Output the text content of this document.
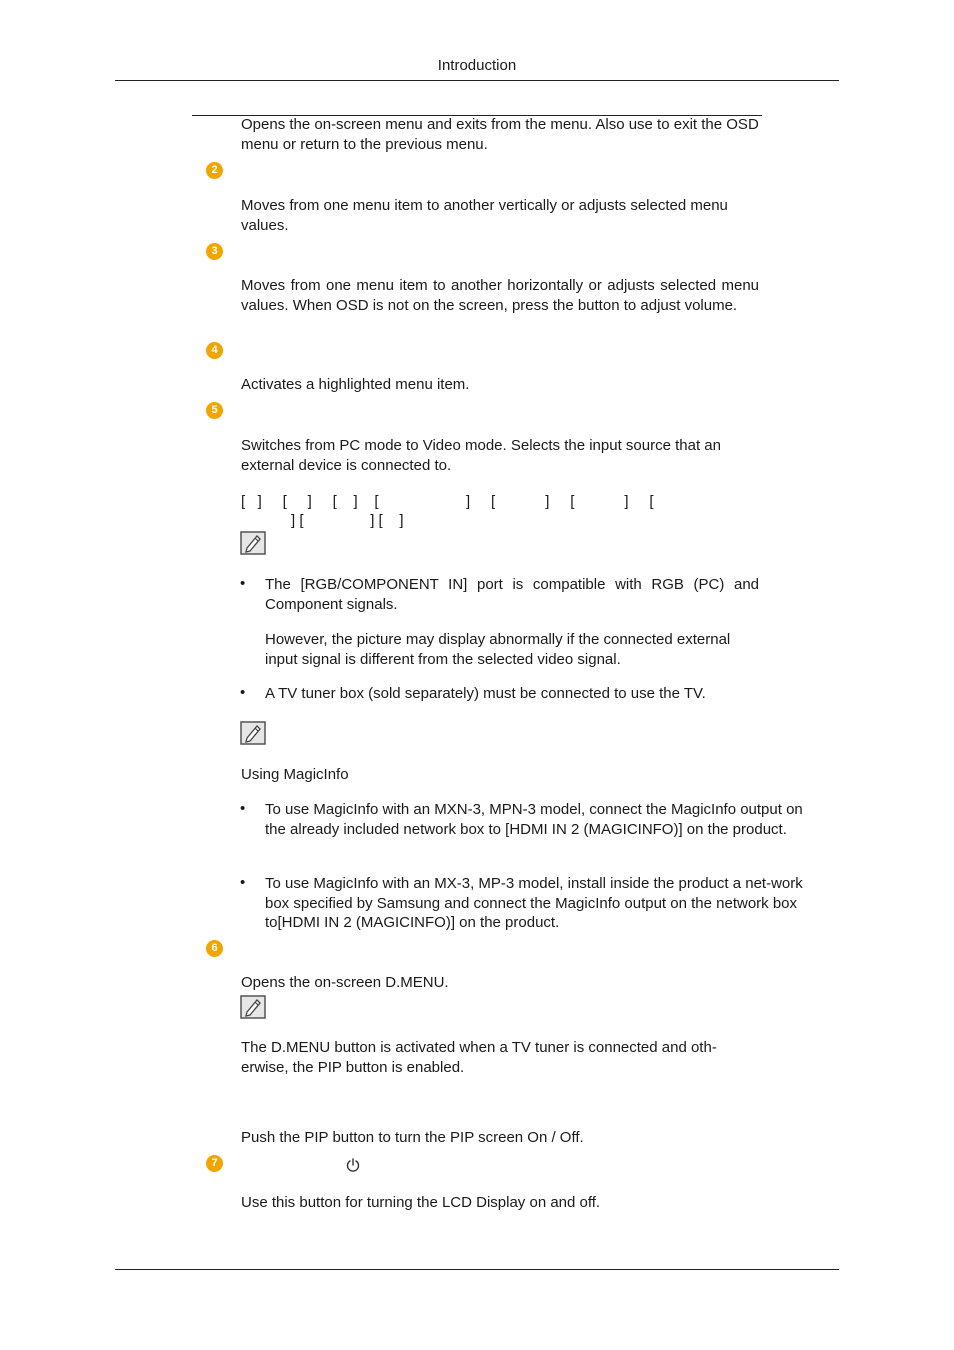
Introduction
Opens the on-screen menu and exits from the menu. Also use to exit the OSD menu or return to the previous menu.
2
Moves from one menu item to another vertically or adjusts selected menu values.
3
Moves from one menu item to another horizontally or adjusts selected menu values. When OSD is not on the screen, press the button to adjust volume.
4
Activates a highlighted menu item.
5
Switches from PC mode to Video mode. Selects the input source that an external device is connected to.
[   ]     [     ]     [    ]    [                     ]     [            ]     [            ]     [
] [                ] [    ]
• The [RGB/COMPONENT IN] port is compatible with RGB (PC) and Component signals.
However, the picture may display abnormally if the connected external input signal is different from the selected video signal.
• A TV tuner box (sold separately) must be connected to use the TV.
Using MagicInfo
• To use MagicInfo with an MXN-3, MPN-3 model, connect the MagicInfo output on the already included network box to [HDMI IN 2 (MAGICINFO)] on the product.
• To use MagicInfo with an MX-3, MP-3 model, install inside the product a net-work box specified by Samsung and connect the MagicInfo output on the network box to[HDMI IN 2 (MAGICINFO)] on the product.
6
Opens the on-screen D.MENU.
The D.MENU button is activated when a TV tuner is connected and oth-erwise, the PIP button is enabled.
Push the PIP button to turn the PIP screen On / Off.
7
Use this button for turning the LCD Display on and off.
